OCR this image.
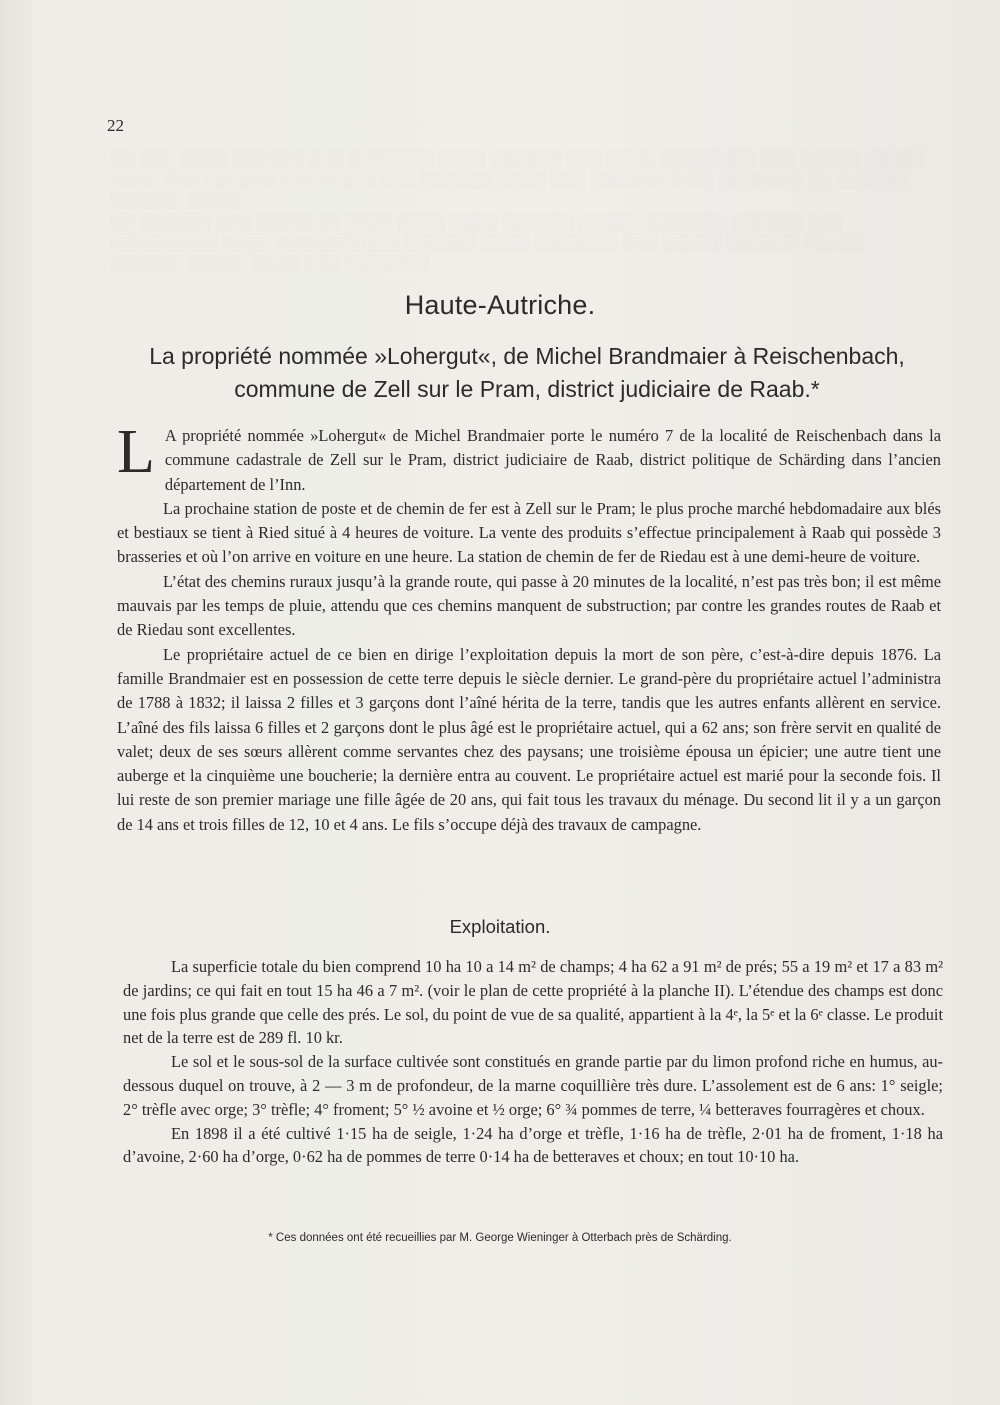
░░ ░░░ ░░░░ ░░░░░░ ░░░ ░░░░░░░ ░░░░ ░░░░░░ ░░░ ░░░░ ░░░░░░░░ ░░░ ░░░░░ ░░░░░
░░░░ ░░░ ░░░░░░ ░░░░░░░░ ░░░ ░░░░░░ ░░░░ ░░░ ░░░░░░ ░░░░ ░░░░░░░ ░░ ░░░░░░
░░░░░░ ░░░░░
░░ ░░░░░░ ░░░ ░░░░░░░ ░░░░ ░░░░ ░░░░ ░░░░░░ ░░░░░ ░░░░░░░ ░░░░░░ ░░░
░░░░░░░░░ ░░░░ ░░░░░░░ ░░░ ░░░░░░ ░░░░ ░░░░░░░ ░░░ ░░░░░ ░░░░░░ ░░░░░
░░░░░░ ░░░░░ ░░░░ ░░░ ░░░░░░░

22
Haute-Autriche.
La propriété nommée »Lohergut«, de Michel Brandmaier à Reischenbach, commune de Zell sur le Pram, district judiciaire de Raab.*

L A propriété nommée »Lohergut« de Michel Brandmaier porte le numéro 7 de la localité de Reischenbach dans la commune cadastrale de Zell sur le Pram, district judiciaire de Raab, district politique de Schärding dans l’ancien département de l’Inn.

La prochaine station de poste et de chemin de fer est à Zell sur le Pram; le plus proche marché hebdomadaire aux blés et bestiaux se tient à Ried situé à 4 heures de voiture. La vente des produits s’effectue principalement à Raab qui possède 3 brasseries et où l’on arrive en voiture en une heure. La station de chemin de fer de Riedau est à une demi-heure de voiture.

L’état des chemins ruraux jusqu’à la grande route, qui passe à 20 minutes de la localité, n’est pas très bon; il est même mauvais par les temps de pluie, attendu que ces chemins manquent de substruction; par contre les grandes routes de Raab et de Riedau sont excellentes.

Le propriétaire actuel de ce bien en dirige l’exploitation depuis la mort de son père, c’est-à-dire depuis 1876. La famille Brandmaier est en possession de cette terre depuis le siècle dernier. Le grand-père du propriétaire actuel l’administra de 1788 à 1832; il laissa 2 filles et 3 garçons dont l’aîné hérita de la terre, tandis que les autres enfants allèrent en service. L’aîné des fils laissa 6 filles et 2 garçons dont le plus âgé est le propriétaire actuel, qui a 62 ans; son frère servit en qualité de valet; deux de ses sœurs allèrent comme servantes chez des paysans; une troisième épousa un épicier; une autre tient une auberge et la cinquième une boucherie; la dernière entra au couvent. Le propriétaire actuel est marié pour la seconde fois. Il lui reste de son premier mariage une fille âgée de 20 ans, qui fait tous les travaux du ménage. Du second lit il y a un garçon de 14 ans et trois filles de 12, 10 et 4 ans. Le fils s’occupe déjà des travaux de campagne.

Exploitation.

La superficie totale du bien comprend 10 ha 10 a 14 m² de champs; 4 ha 62 a 91 m² de prés; 55 a 19 m² et 17 a 83 m² de jardins; ce qui fait en tout 15 ha 46 a 7 m². (voir le plan de cette propriété à la planche II). L’étendue des champs est donc une fois plus grande que celle des prés. Le sol, du point de vue de sa qualité, appartient à la 4ᵉ, la 5ᵉ et la 6ᵉ classe. Le produit net de la terre est de 289 fl. 10 kr.

Le sol et le sous-sol de la surface cultivée sont constitués en grande partie par du limon profond riche en humus, au-dessous duquel on trouve, à 2 — 3 m de profondeur, de la marne coquillière très dure. L’assolement est de 6 ans: 1° seigle; 2° trèfle avec orge; 3° trèfle; 4° froment; 5° ½ avoine et ½ orge; 6° ¾ pommes de terre, ¼ betteraves fourragères et choux.

En 1898 il a été cultivé 1·15 ha de seigle, 1·24 ha d’orge et trèfle, 1·16 ha de trèfle, 2·01 ha de froment, 1·18 ha d’avoine, 2·60 ha d’orge, 0·62 ha de pommes de terre 0·14 ha de betteraves et choux; en tout 10·10 ha.

* Ces données ont été recueillies par M. George Wieninger à Otterbach près de Schärding.
